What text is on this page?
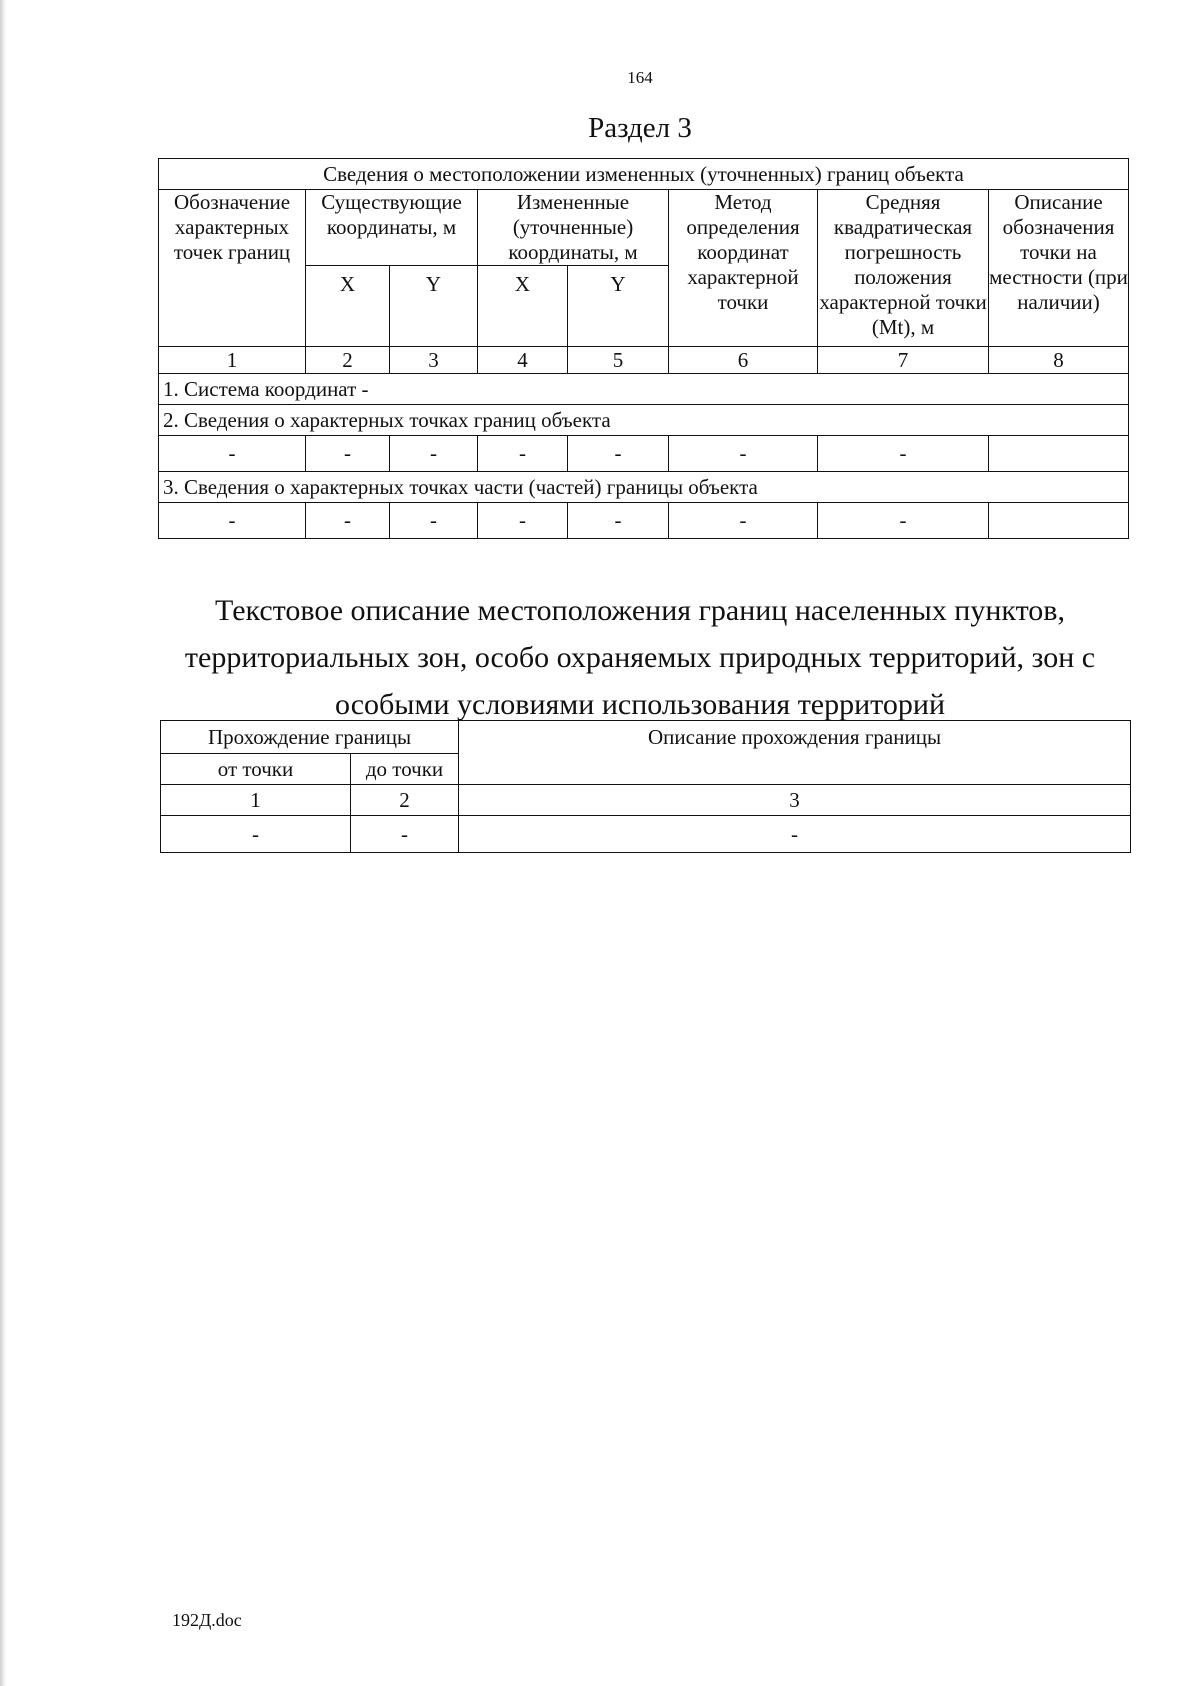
164
Раздел 3
Сведения о местоположении измененных (уточненных) границ объекта							
Обозначение характерных точек границ	Существующие координаты, м		Измененные (уточненные) координаты, м		Метод определения координат характерной точки	Средняя квадратическая погрешность положения характерной точки (Mt), м	Описание обозначения точки на местности (при наличии)
	X	Y	X	Y			
1	2	3	4	5	6	7	8
1. Система координат -							
2. Сведения о характерных точках границ объекта							
-	-	-	-	-	-	-	
3. Сведения о характерных точках части (частей) границы объекта							
-	-	-	-	-	-	-	
Текстовое описание местоположения границ населенных пунктов, территориальных зон, особо охраняемых природных территорий, зон с особыми условиями использования территорий
Прохождение границы		Описание прохождения границы
от точки	до точки	
1	2	3
-	-	-
192Д.doc
